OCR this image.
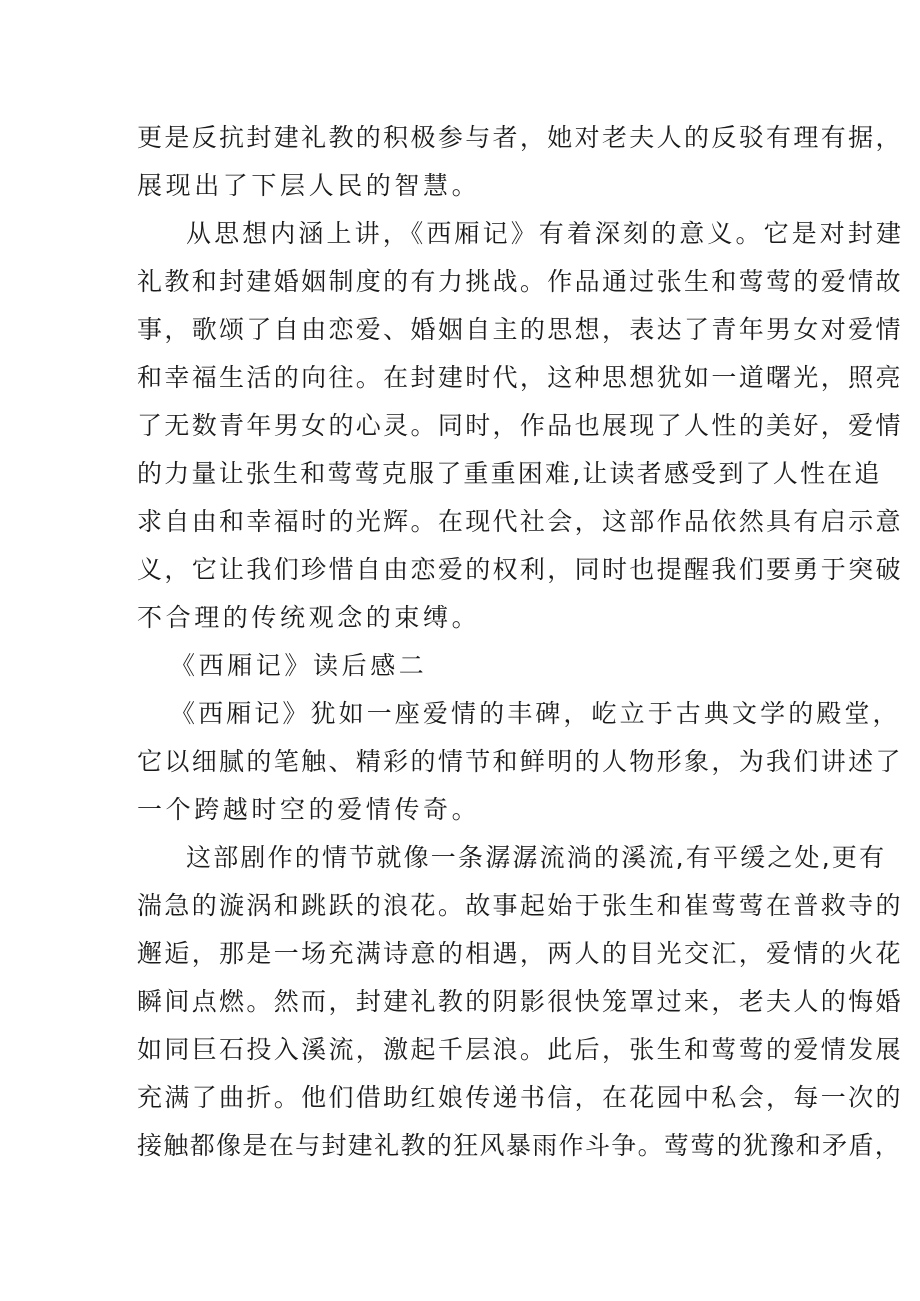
更是反抗封建礼教的积极参与者，她对老夫人的反驳有理有据，
展现出了下层人民的智慧。
从思想内涵上讲，《西厢记》有着深刻的意义。它是对封建
礼教和封建婚姻制度的有力挑战。作品通过张生和莺莺的爱情故
事，歌颂了自由恋爱、婚姻自主的思想，表达了青年男女对爱情
和幸福生活的向往。在封建时代，这种思想犹如一道曙光，照亮
了无数青年男女的心灵。同时，作品也展现了人性的美好，爱情
的力量让张生和莺莺克服了重重困难,让读者感受到了人性在追
求自由和幸福时的光辉。在现代社会，这部作品依然具有启示意
义，它让我们珍惜自由恋爱的权利，同时也提醒我们要勇于突破
不合理的传统观念的束缚。
《西厢记》读后感二
《西厢记》犹如一座爱情的丰碑，屹立于古典文学的殿堂，
它以细腻的笔触、精彩的情节和鲜明的人物形象，为我们讲述了
一个跨越时空的爱情传奇。
这部剧作的情节就像一条潺潺流淌的溪流,有平缓之处,更有
湍急的漩涡和跳跃的浪花。故事起始于张生和崔莺莺在普救寺的
邂逅，那是一场充满诗意的相遇，两人的目光交汇，爱情的火花
瞬间点燃。然而，封建礼教的阴影很快笼罩过来，老夫人的悔婚
如同巨石投入溪流，激起千层浪。此后，张生和莺莺的爱情发展
充满了曲折。他们借助红娘传递书信，在花园中私会，每一次的
接触都像是在与封建礼教的狂风暴雨作斗争。莺莺的犹豫和矛盾，
